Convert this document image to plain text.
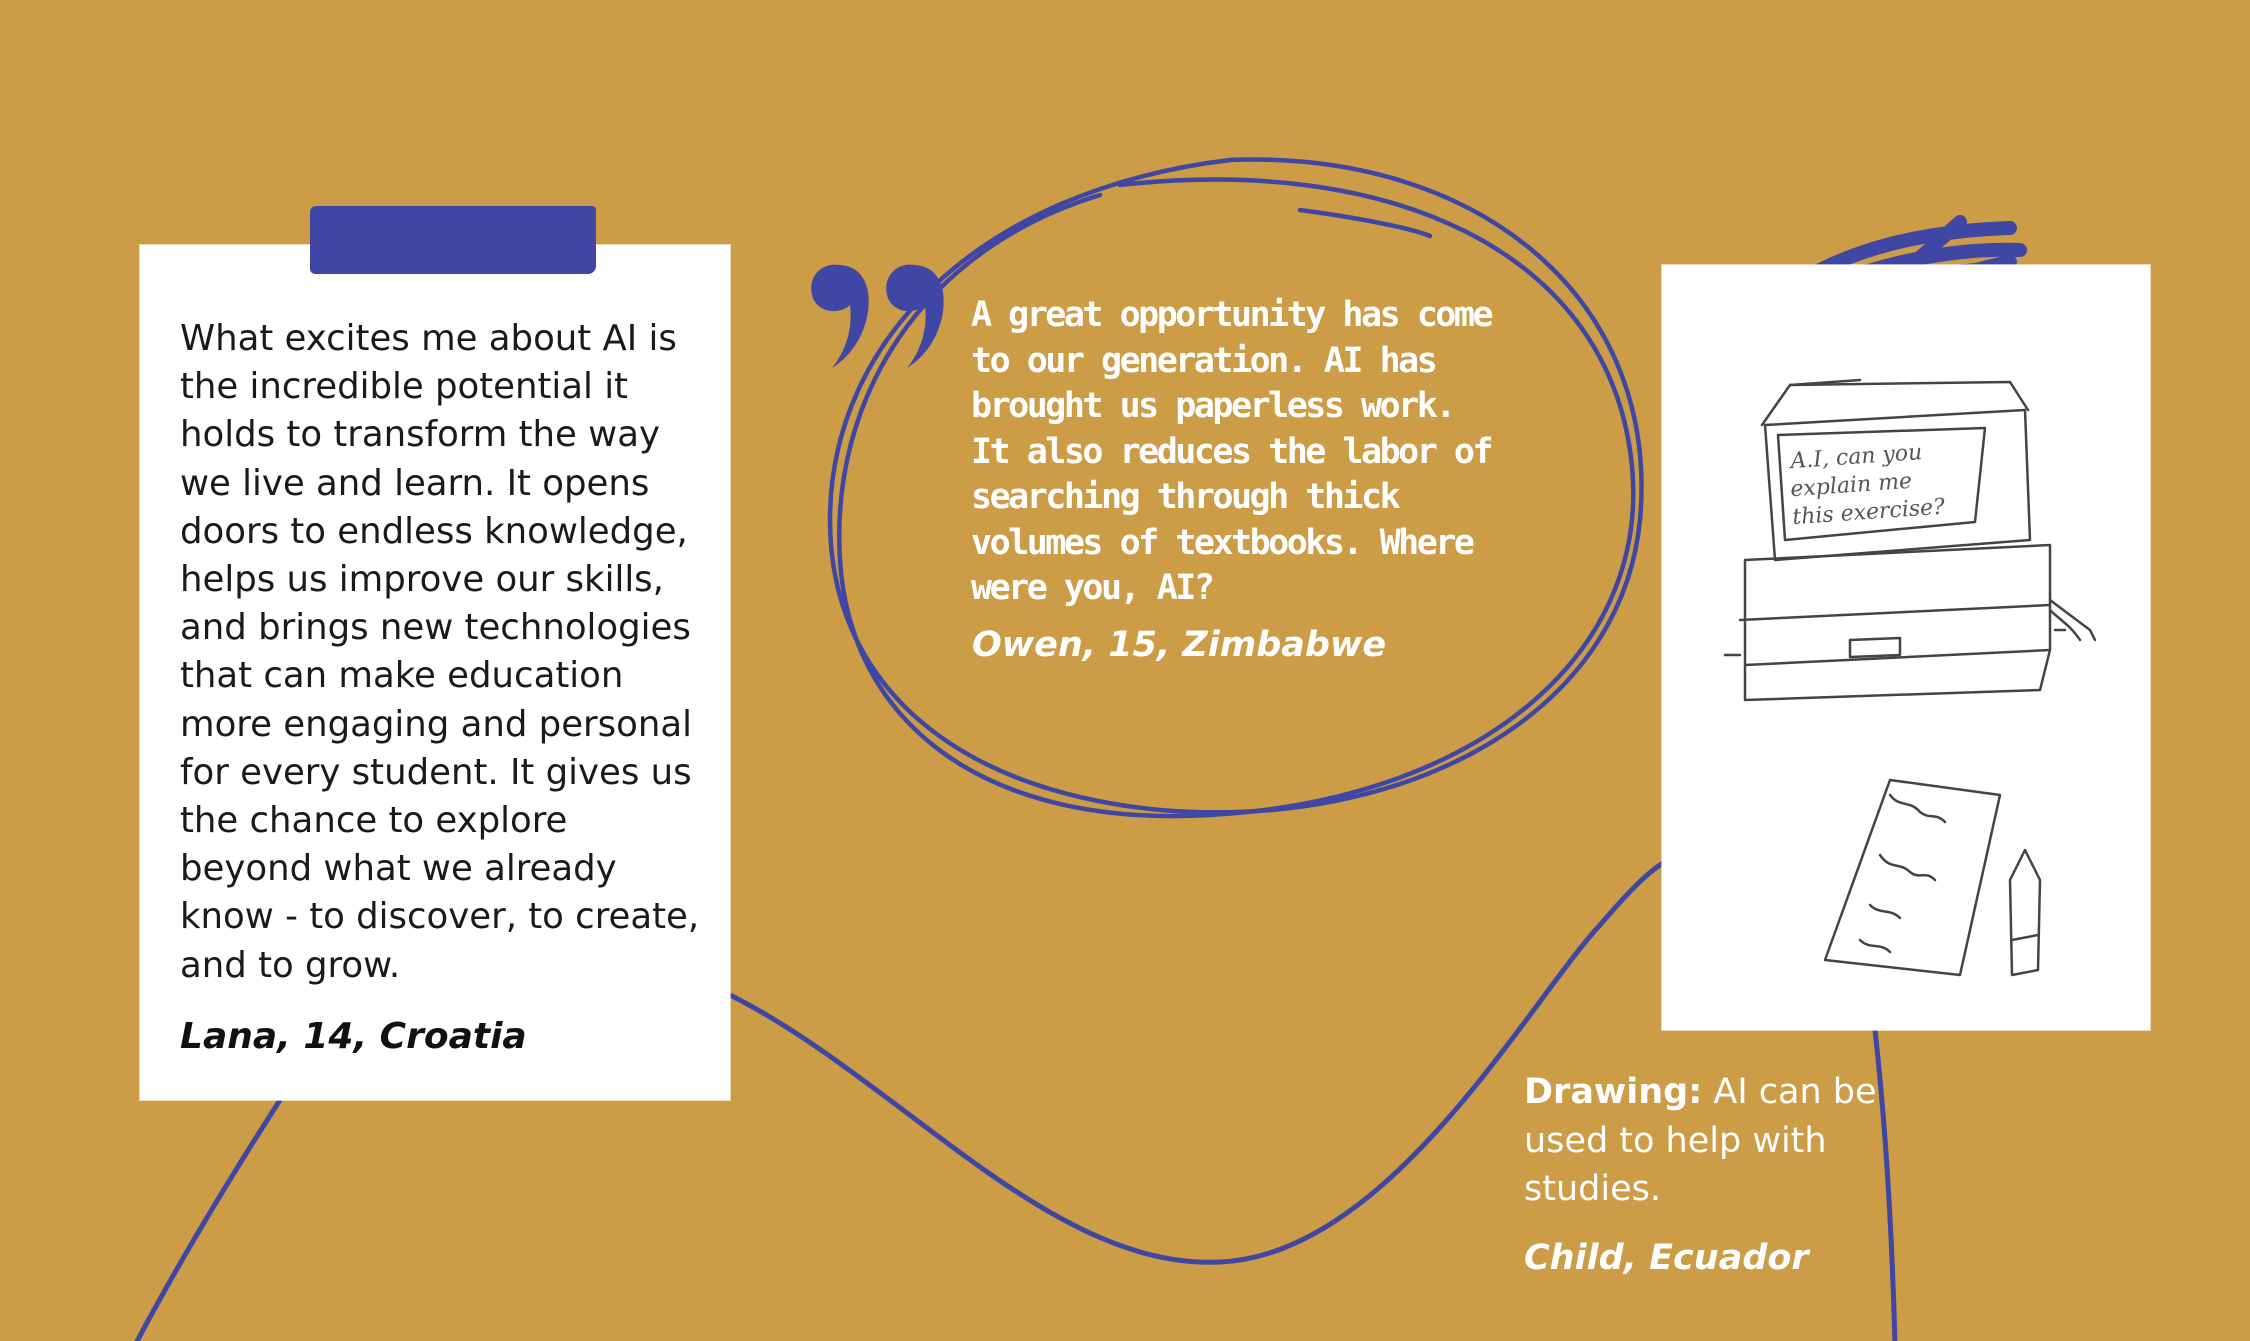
What excites me about AI is the incredible potential it holds to transform the way we live and learn. It opens doors to endless knowledge, helps us improve our skills, and brings new technologies that can make education more engaging and personal for every student. It gives us the chance to explore beyond what we already know - to discover, to create, and to grow.
Lana, 14, Croatia
A great opportunity has come to our generation. AI has brought us paperless work. It also reduces the labor of searching through thick volumes of textbooks. Where were you, AI?
Owen, 15, Zimbabwe
A.I, can you explain me this exercise?
Drawing: AI can be used to help with studies.
Child, Ecuador
